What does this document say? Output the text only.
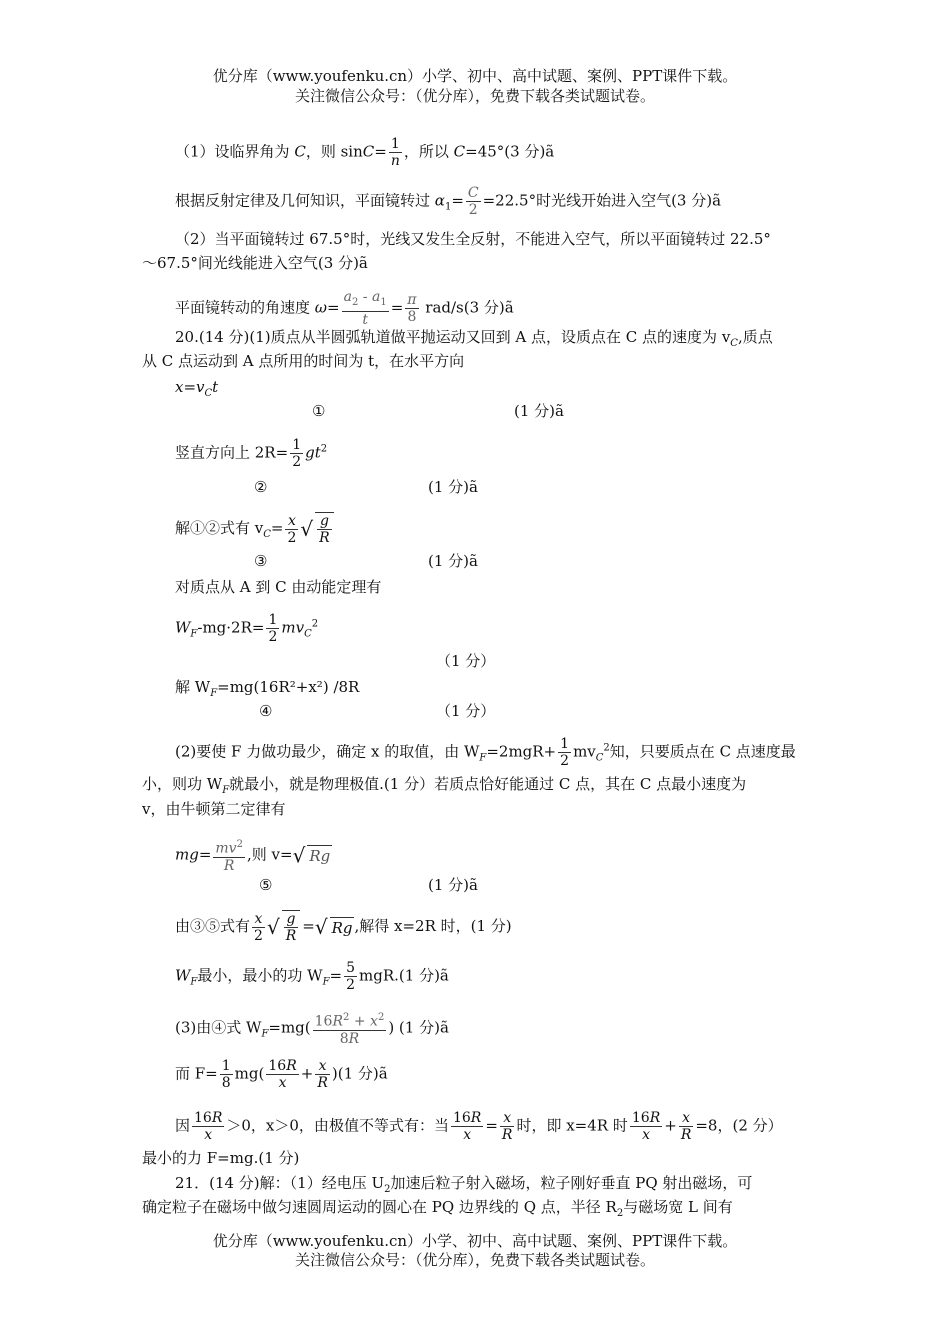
优分库（www.youfenku.cn）小学、初中、高中试题、案例、PPT课件下载。
关注微信公众号：（优分库），免费下载各类试题试卷。
（1）设临界角为 C，则 $\sin C= \frac{1}{n}$ ，所以 C=45°(3 分)ã
根据反射定律及几何知识，平面镜转过 $\alpha_1= \frac{C}{2} =22.5^\circ$时光线开始进入空气(3 分)ã
（2）当平面镜转过 67.5°时，光线又发生全反射，不能进入空气，所以平面镜转过 22.5°
～67.5°间光线能进入空气(3 分)ã
平面镜转动的角速度 $\omega= \frac{a_2 - a_1}{t} = \frac{\pi}{8} rad/s(3$ 分)ã
20.(14 分)(1)质点从半圆弧轨道做平抛运动又回到 A 点，设质点在 C 点的速度为 $v_C$,质点
从 C 点运动到 A 点所用的时间为 t，在水平方向
$x=v_Ct$
①	(1 分)ã
竖直方向上 $2R= \frac{1}{2} gt^2$
②	(1 分)ã
解①②式有 $v_C= \frac{x}{2}$ √ $\frac{g}{R}$
③	(1 分)ã
对质点从 A 到 C 由动能定理有
$W_F-mg\cdot 2R= \frac{1}{2} mv_C^2$
（1 分）
解 $W_F=mg(16R^2+x^2)$ /8R
④	（1 分）
(2)要使 F 力做功最少，确定 x 的取值，由 $W_F=2mgR+ \frac{1}{2} mv_C^2$知，只要质点在 C 点速度最
小，则功 $W_F$就最小，就是物理极值.(1 分）若质点恰好能通过 C 点，其在 C 点最小速度为
v，由牛顿第二定律有
$mg= \frac{mv^2}{R}$ ,则 v=√ Rg
⑤	(1 分)ã
由③⑤式有 $\frac{x}{2}$ √ $\frac{g}{R}$ =√ Rg ,解得 x=2R 时，(1 分)
$W_F$最小，最小的功 $W_F= \frac{5}{2} mgR.(1$ 分)ã
(3)由④式 $W_F=mg( \frac{16R^2 + x^2}{8R}$ ) (1 分)ã
而 $F= \frac{1}{8} mg( \frac{16R}{x} + \frac{x}{R} )(1$ 分)ã
因 $\frac{16R}{x} >0$，x＞0，由极值不等式有：当 $\frac{16R}{x} = \frac{x}{R}$ 时，即 x=4R 时 $\frac{16R}{x} + \frac{x}{R} =8$，(2 分）
最小的力 F=mg.(1 分)
21．(14 分)解：（1）经电压 $U_2$加速后粒子射入磁场，粒子刚好垂直 PQ 射出磁场，可
确定粒子在磁场中做匀速圆周运动的圆心在 PQ 边界线的 Q 点，半径 $R_2$与磁场宽 L 间有
优分库（www.youfenku.cn）小学、初中、高中试题、案例、PPT课件下载。
关注微信公众号：（优分库），免费下载各类试题试卷。
